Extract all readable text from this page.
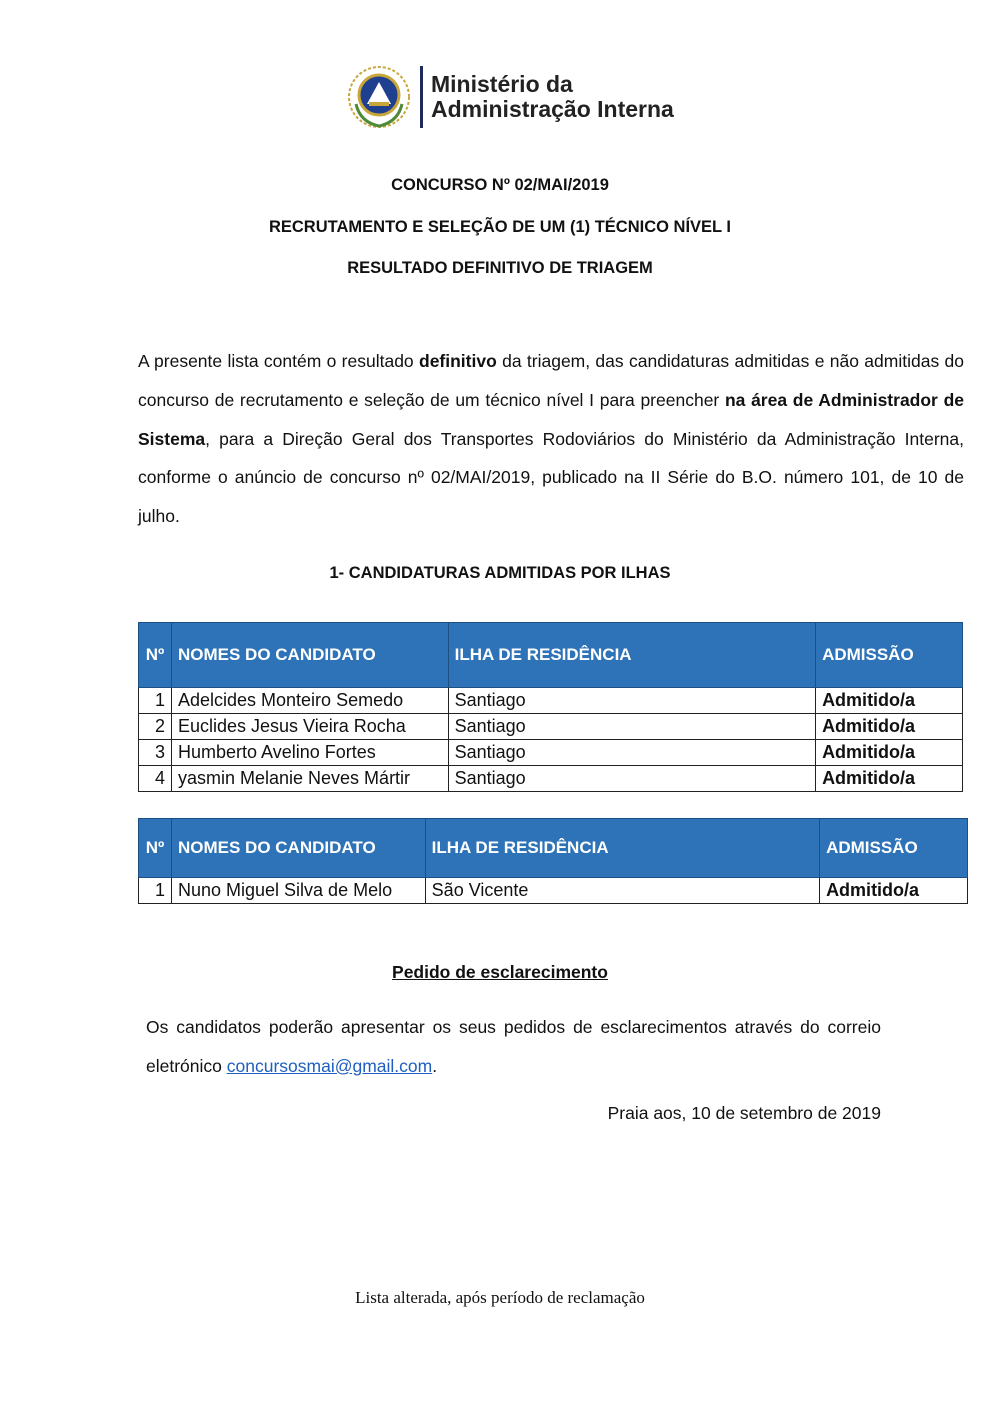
Ministério da
Administração Interna
CONCURSO Nº 02/MAI/2019
RECRUTAMENTO E SELEÇÃO DE UM (1) TÉCNICO NÍVEL I
RESULTADO DEFINITIVO DE TRIAGEM
A presente lista contém o resultado definitivo da triagem, das candidaturas admitidas e não admitidas do concurso de recrutamento e seleção de um técnico nível I para preencher na área de Administrador de Sistema, para a Direção Geral dos Transportes Rodoviários do Ministério da Administração Interna, conforme o anúncio de concurso nº 02/MAI/2019, publicado na II Série do B.O. número 101, de 10 de julho.
1- CANDIDATURAS ADMITIDAS POR ILHAS
Nº	NOMES DO CANDIDATO	ILHA DE RESIDÊNCIA	ADMISSÃO
1	Adelcides Monteiro Semedo	Santiago	Admitido/a
2	Euclides Jesus Vieira Rocha	Santiago	Admitido/a
3	Humberto Avelino Fortes	Santiago	Admitido/a
4	yasmin Melanie Neves Mártir	Santiago	Admitido/a
Nº	NOMES DO CANDIDATO	ILHA DE RESIDÊNCIA	ADMISSÃO
1	Nuno Miguel Silva de Melo	São Vicente	Admitido/a
Pedido de esclarecimento
Os candidatos poderão apresentar os seus pedidos de esclarecimentos através do correio eletrónico concursosmai@gmail.com.
Praia aos, 10 de setembro de 2019
Lista alterada, após período de reclamação
